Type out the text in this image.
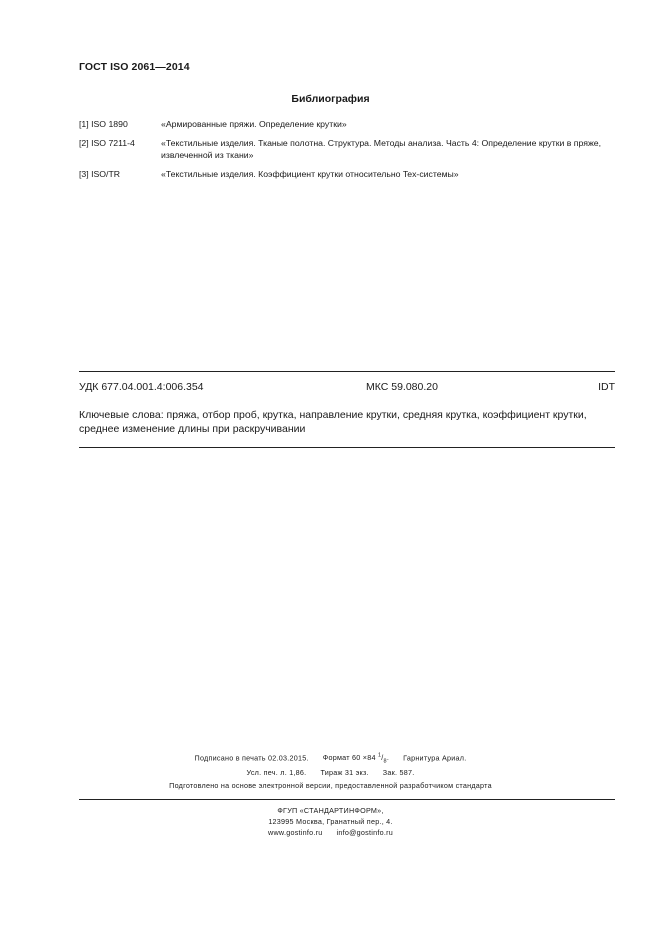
ГОСТ ISO 2061—2014
Библиография
[1] ISO 1890	«Армированные пряжи. Определение крутки»
[2] ISO 7211-4	«Текстильные изделия. Тканые полотна. Структура. Методы анализа. Часть 4: Определение крутки в пряже, извлеченной из ткани»
[3] ISO/TR	«Текстильные изделия. Коэффициент крутки относительно Tex-системы»
УДК 677.04.001.4:006.354	МКС 59.080.20	IDT
Ключевые слова: пряжа, отбор проб, крутка, направление крутки, средняя крутка, коэффициент крутки, среднее изменение длины при раскручивании
Подписано в печать 02.03.2015. Формат 60 ×84 $^1/_8$. Гарнитура Ариал.
Усл. печ. л. 1,86. Тираж 31 экз. Зак. 587.
Подготовлено на основе электронной версии, предоставленной разработчиком стандарта
ФГУП «СТАНДАРТИНФОРМ»,
123995 Москва, Гранатный пер., 4.
www.gostinfo.ru info@gostinfo.ru
